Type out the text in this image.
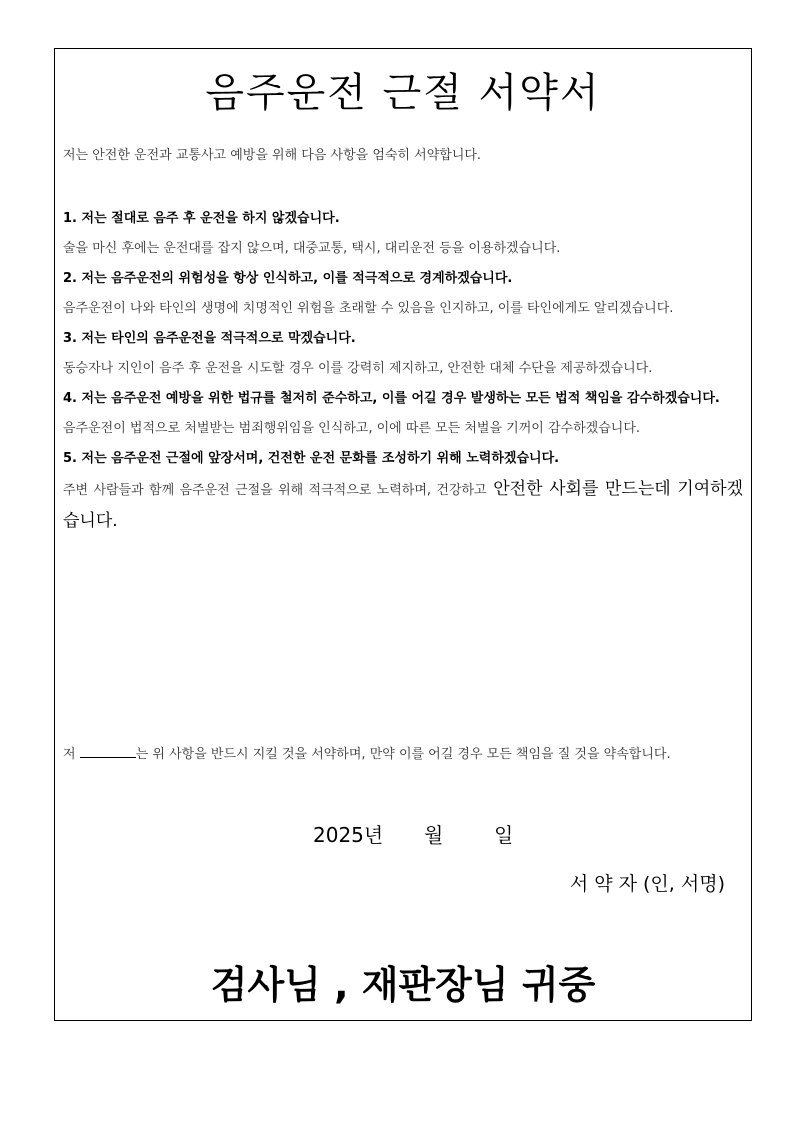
음주운전 근절 서약서
저는 안전한 운전과 교통사고 예방을 위해 다음 사항을 엄숙히 서약합니다.

1. 저는 절대로 음주 후 운전을 하지 않겠습니다.

술을 마신 후에는 운전대를 잡지 않으며, 대중교통, 택시, 대리운전 등을 이용하겠습니다.

2. 저는 음주운전의 위험성을 항상 인식하고, 이를 적극적으로 경계하겠습니다.

음주운전이 나와 타인의 생명에 치명적인 위험을 초래할 수 있음을 인지하고, 이를 타인에게도 알리겠습니다.

3. 저는 타인의 음주운전을 적극적으로 막겠습니다.

동승자나 지인이 음주 후 운전을 시도할 경우 이를 강력히 제지하고, 안전한 대체 수단을 제공하겠습니다.

4. 저는 음주운전 예방을 위한 법규를 철저히 준수하고, 이를 어길 경우 발생하는 모든 법적 책임을 감수하겠습니다.

음주운전이 법적으로 처벌받는 범죄행위임을 인식하고, 이에 따른 모든 처벌을 기꺼이 감수하겠습니다.

5. 저는 음주운전 근절에 앞장서며, 건전한 운전 문화를 조성하기 위해 노력하겠습니다.

주변 사람들과 함께 음주운전 근절을 위해 적극적으로 노력하며, 건강하고 안전한 사회를 만드는데 기여하겠습니다.

저	는 위 사항을 반드시 지킬 것을 서약하며, 만약 이를 어길 경우 모든 책임을 질 것을 약속합니다.
2025년 월	일
서 약 자 (인, 서명)
검사님 , 재판장님 귀중
